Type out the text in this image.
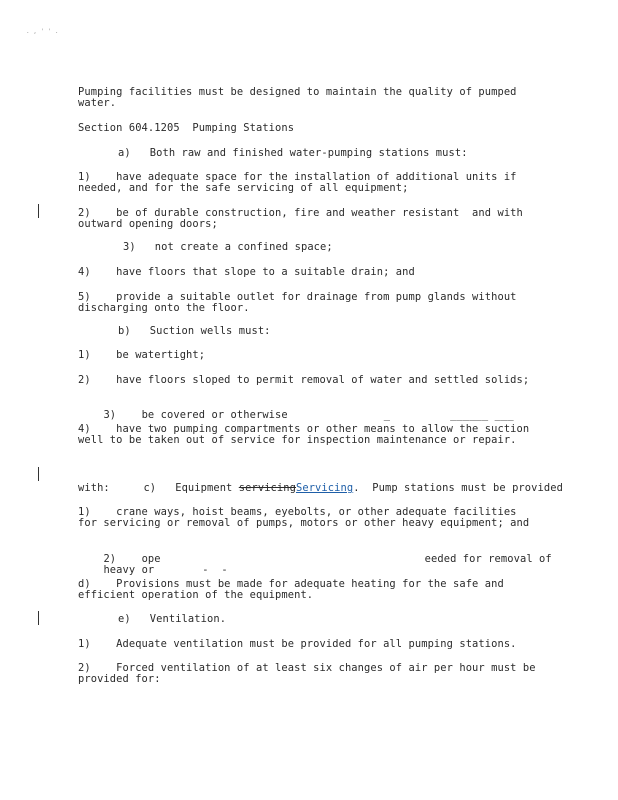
. , ' ' .
Pumping facilities must be designed to maintain the quality of pumped
water.
Section 604.1205  Pumping Stations
a)   Both raw and finished water-pumping stations must:
1)    have adequate space for the installation of additional units if
needed, and for the safe servicing of all equipment;
2)    be of durable construction, fire and weather resistant  and with
outward opening doors;
3)   not create a confined space;
4)    have floors that slope to a suitable drain; and
5)    provide a suitable outlet for drainage from pump glands without
discharging onto the floor.
b)   Suction wells must:
1)    be watertight;
2)    have floors sloped to permit removal of water and settled solids;

3)    be covered or otherwise	_	______ ___

4)    have two pumping compartments or other means to allow the suction
well to be taken out of service for inspection maintenance or repair.

c)   Equipment servicingServicing.  Pump stations must be provided

with:
1)    crane ways, hoist beams, eyebolts, or other adequate facilities
for servicing or removal of pumps, motors or other heavy equipment; and

2)    ope	eeded for removal of

heavy or	-  -

d)    Provisions must be made for adequate heating for the safe and
efficient operation of the equipment.
e)   Ventilation.
1)    Adequate ventilation must be provided for all pumping stations.
2)    Forced ventilation of at least six changes of air per hour must be
provided for:
